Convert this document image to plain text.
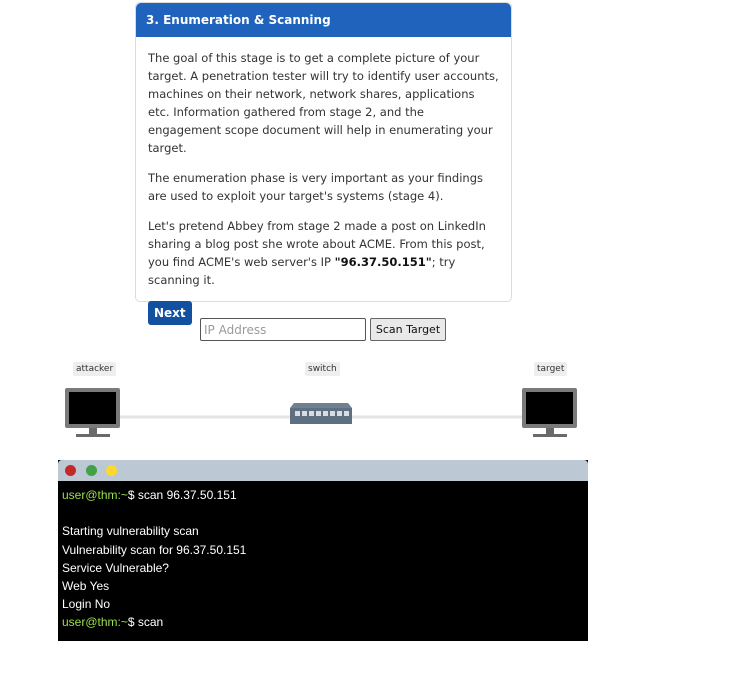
3. Enumeration & Scanning

The goal of this stage is to get a complete picture of your target. A penetration tester will try to identify user accounts, machines on their network, network shares, applications etc. Information gathered from stage 2, and the engagement scope document will help in enumerating your target.

The enumeration phase is very important as your findings are used to exploit your target's systems (stage 4).

Let's pretend Abbey from stage 2 made a post on LinkedIn sharing a blog post she wrote about ACME. From this post, you find ACME's web server's IP "96.37.50.151"; try scanning it.

Next
IP Address
Scan Target
attacker	switch	target
user@thm:~$ scan 96.37.50.151
Starting vulnerability scan
Vulnerability scan for 96.37.50.151
Service Vulnerable?
Web Yes
Login No
user@thm:~$ scan
